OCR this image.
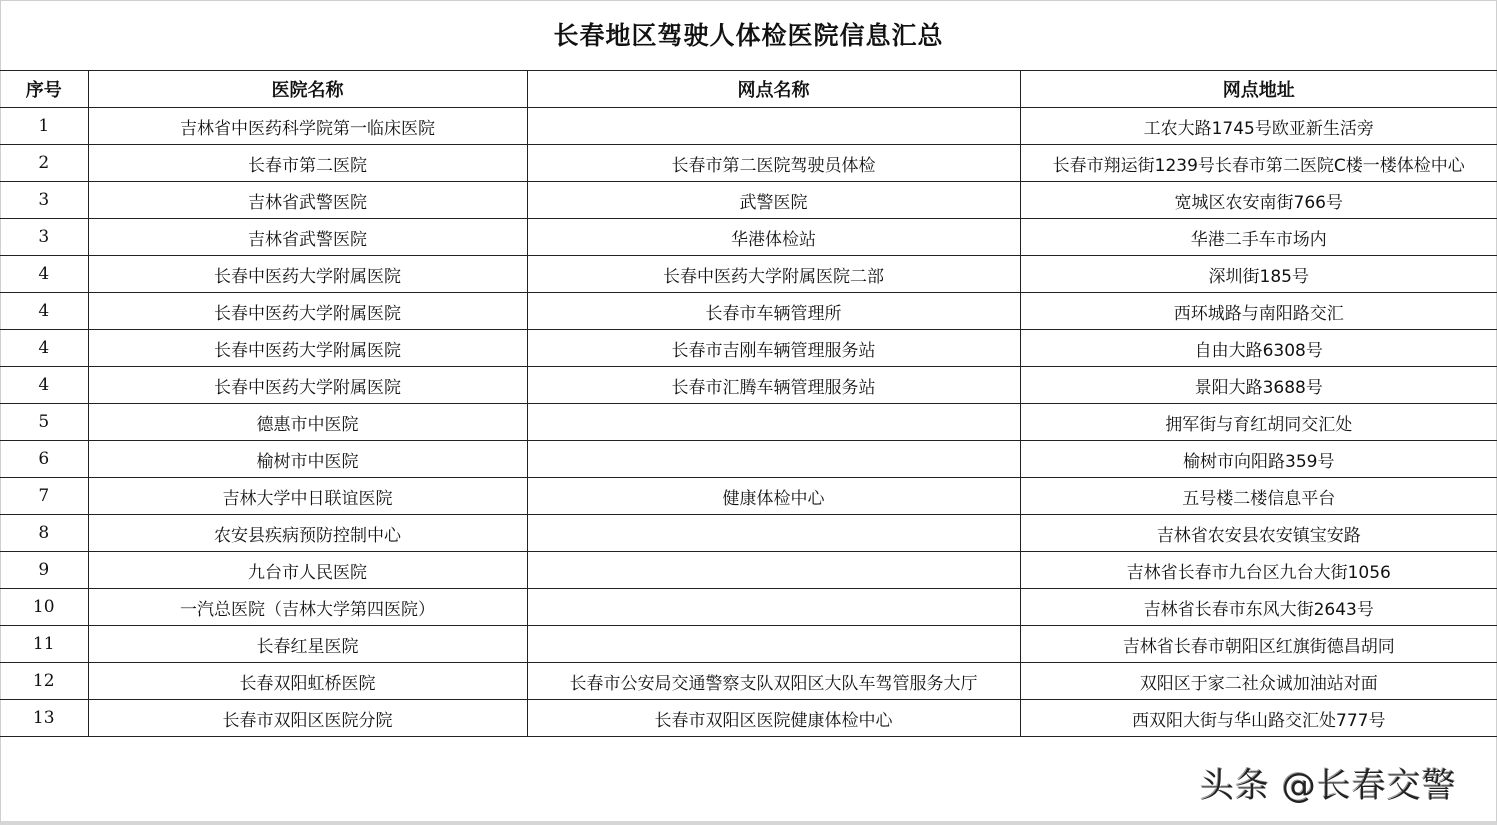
长春地区驾驶人体检医院信息汇总
序号	医院名称	网点名称	网点地址
1	吉林省中医药科学院第一临床医院		工农大路1745号欧亚新生活旁
2	长春市第二医院	长春市第二医院驾驶员体检	长春市翔运街1239号长春市第二医院C楼一楼体检中心
3	吉林省武警医院	武警医院	宽城区农安南街766号
3	吉林省武警医院	华港体检站	华港二手车市场内
4	长春中医药大学附属医院	长春中医药大学附属医院二部	深圳街185号
4	长春中医药大学附属医院	长春市车辆管理所	西环城路与南阳路交汇
4	长春中医药大学附属医院	长春市吉刚车辆管理服务站	自由大路6308号
4	长春中医药大学附属医院	长春市汇腾车辆管理服务站	景阳大路3688号
5	德惠市中医院		拥军街与育红胡同交汇处
6	榆树市中医院		榆树市向阳路359号
7	吉林大学中日联谊医院	健康体检中心	五号楼二楼信息平台
8	农安县疾病预防控制中心		吉林省农安县农安镇宝安路
9	九台市人民医院		吉林省长春市九台区九台大街1056
10	一汽总医院（吉林大学第四医院）		吉林省长春市东风大街2643号
11	长春红星医院		吉林省长春市朝阳区红旗街德昌胡同
12	长春双阳虹桥医院	长春市公安局交通警察支队双阳区大队车驾管服务大厅	双阳区于家二社众诚加油站对面
13	长春市双阳区医院分院	长春市双阳区医院健康体检中心	西双阳大街与华山路交汇处777号
头条 @长春交警
